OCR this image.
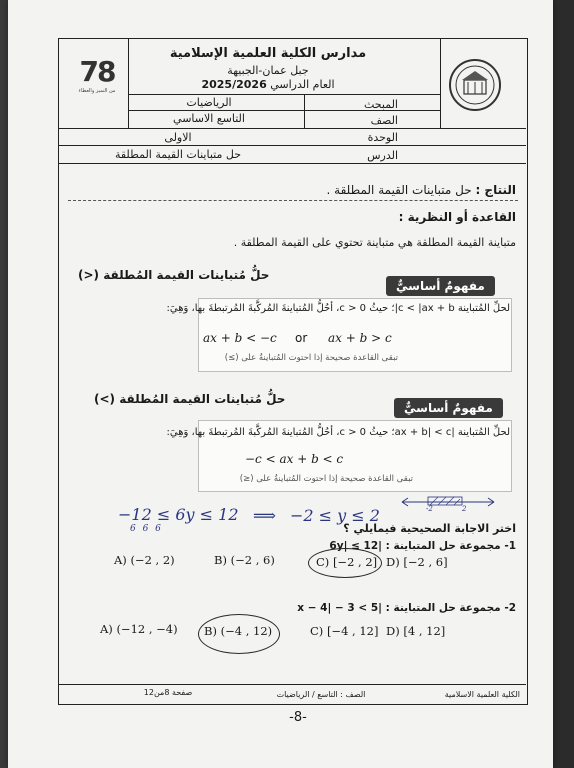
78
من التميز والعطاء
مدارس الكلية العلمية الإسلامية
جبل عمان-الجبيهة
2025/2026 العام الدراسي
المبحث
الرياضيات
الصف
التاسع الاساسي
الوحدة
الاولى
الدرس
حل متباينات القيمة المطلقة
النتاج : حل متباينات القيمة المطلقة .
القاعدة أو النظرية :
متباينة القيمة المطلقة هي متباينة تحتوي على القيمة المطلقة .
حلُّ مُتباينات القيمة المُطلقة (<)
مفهومٌ أساسيٌّ
لحلِّ المُتباينة c < |ax + b|؛ حيثُ c > 0، أحُلُّ المُتباينةَ المُركَّبةَ المُرتبطةَ بها، وَهِيَ:
ax + b < −c or ax + b > c
تبقى القاعدة صحيحة إذا احتوت المُتباينةُ على (≥)
حلُّ مُتباينات القيمة المُطلقة (>)
مفهومٌ أساسيٌّ
لحلِّ المُتباينة |ax + b| < c؛ حيثُ c > 0، أحُلُّ المُتباينةَ المُركَّبةَ المُرتبطةَ بها، وَهِيَ:
−c < ax + b < c
تبقى القاعدة صحيحة إذا احتوت المُتباينةُ على (≤)
−12 ≤ 6y ≤ 12
6 6 6
⟹ −2 ≤ y ≤ 2	-2	2
اختر الاجابة الصحيحية فيمايلي ؟
1- مجموعة حل المتباينة : |6y| ≤ 12
A) (−2 , 2)	B) (−2 , 6)	C) [−2 , 2] D) [−2 , 6]
2- مجموعة حل المتباينة : |x − 4| − 3 < 5
A) (−12 , −4) B) (−4 , 12)	C) [−4 , 12] D) [4 , 12]
الكلية العلمية الاسلامية
الصف : التاسع / الرياضيات
صفحة 8من12
-8-
